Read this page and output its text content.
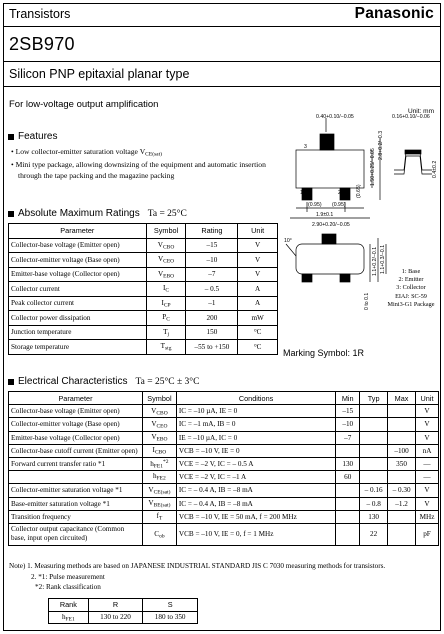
Transistors	Panasonic
2SB970
Silicon PNP epitaxial planar type
For low-voltage output amplification
Features
• Low collector-emitter saturation voltage $V_{CE(sat)}$
• Mini type package, allowing downsizing of the equipment and automatic insertion through the tape packing and the magazine packing
Absolute Maximum Ratings Ta = 25°C
Parameter	Symbol	Rating	Unit
Collector-base voltage (Emitter open)	$V_{CBO}$	–15	V
Collector-emitter voltage (Base open)	$V_{CEO}$	–10	V
Emitter-base voltage (Collector open)	$V_{EBO}$	–7	V
Collector current	$I_C$	– 0.5	A
Peak collector current	$I_{CP}$	–1	A
Collector power dissipation	$P_C$	200	mW
Junction temperature	$T_j$	150	°C
Storage temperature	$T_{stg}$	–55 to +150	°C
Unit: mm
0.40+0.10/−0.05	0.16+0.10/−0.06
(0.95) (0.95)
1.9±0.1
2.90+0.20/−0.05
2.8+0.2/−0.3
1.50+0.25/−0.05
(0.65)
0.4±0.2
10°
1.1+0.2/−0.1 1.1+0.3/−0.1
0 to 0.1
3
1	2
1: Base
2: Emitter
3: Collector
EIAJ: SC-59
Mini3-G1 Package
Marking Symbol: 1R
Electrical Characteristics Ta = 25°C ± 3°C
Parameter	Symbol	Conditions	Min	Typ	Max	Unit
Collector-base voltage (Emitter open)	$V_{CBO}$	IC = –10 µA, IE = 0	–15			V
Collector-emitter voltage (Base open)	$V_{CEO}$	IC = –1 mA, IB = 0	–10			V
Emitter-base voltage (Collector open)	$V_{EBO}$	IE = –10 µA, IC = 0	–7			V
Collector-base cutoff current (Emitter open)	$I_{CBO}$	VCB = –10 V, IE = 0			–100	nA
Forward current transfer ratio *1	$h_{FE1}^{*2}$	VCE = –2 V, IC = – 0.5 A	130		350	—
	$h_{FE2}$	VCE = –2 V, IC = –1 A	60			—
Collector-emitter saturation voltage *1	$V_{CE(sat)}$	IC = – 0.4 A, IB = –8 mA		– 0.16	– 0.30	V
Base-emitter saturation voltage *1	$V_{BE(sat)}$	IC = – 0.4 A, IB = –8 mA		– 0.8	–1.2	V
Transition frequency	$f_T$	VCB = –10 V, IE = 50 mA, f = 200 MHz		130		MHz
Collector output capacitance (Common base, input open circuited)	$C_{ob}$	VCB = –10 V, IE = 0, f = 1 MHz		22		pF
Note) 1. Measuring methods are based on JAPANESE INDUSTRIAL STANDARD JIS C 7030 measuring methods for transistors.
2. *1: Pulse measurement
*2: Rank classification
Rank	R	S
$h_{FE1}$	130 to 220	180 to 350
